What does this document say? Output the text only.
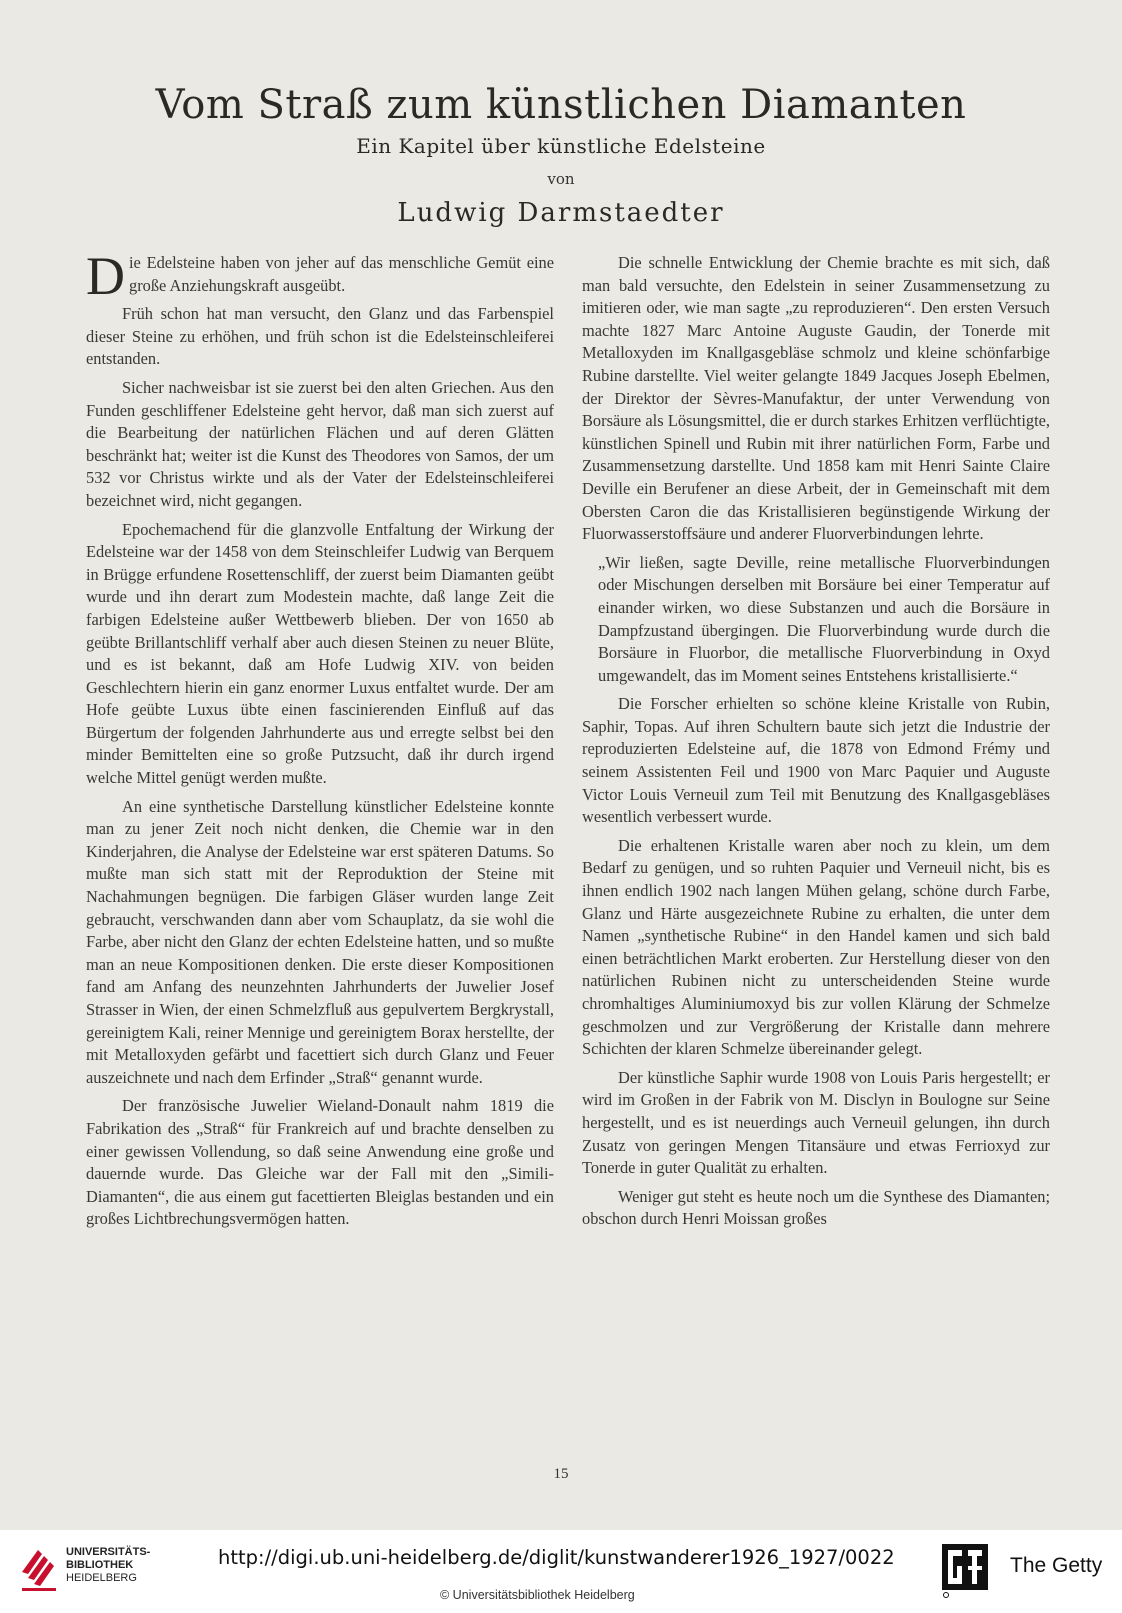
Vom Straß zum künstlichen Diamanten
Ein Kapitel über künstliche Edelsteine
von
Ludwig Darmstaedter

Die Edelsteine haben von jeher auf das menschliche Gemüt eine große Anziehungskraft ausgeübt.

Früh schon hat man versucht, den Glanz und das Farbenspiel dieser Steine zu erhöhen, und früh schon ist die Edelsteinschleiferei entstanden.

Sicher nachweisbar ist sie zuerst bei den alten Griechen. Aus den Funden geschliffener Edelsteine geht hervor, daß man sich zuerst auf die Bearbeitung der natürlichen Flächen und auf deren Glätten beschränkt hat; weiter ist die Kunst des Theodores von Samos, der um 532 vor Christus wirkte und als der Vater der Edelsteinschleiferei bezeichnet wird, nicht gegangen.

Epochemachend für die glanzvolle Entfaltung der Wirkung der Edelsteine war der 1458 von dem Steinschleifer Ludwig van Berquem in Brügge erfundene Rosettenschliff, der zuerst beim Diamanten geübt wurde und ihn derart zum Modestein machte, daß lange Zeit die farbigen Edelsteine außer Wettbewerb blieben. Der von 1650 ab geübte Brillantschliff verhalf aber auch diesen Steinen zu neuer Blüte, und es ist bekannt, daß am Hofe Ludwig XIV. von beiden Geschlechtern hierin ein ganz enormer Luxus entfaltet wurde. Der am Hofe geübte Luxus übte einen fascinierenden Einfluß auf das Bürgertum der folgenden Jahrhunderte aus und erregte selbst bei den minder Bemittelten eine so große Putzsucht, daß ihr durch irgend welche Mittel genügt werden mußte.

An eine synthetische Darstellung künstlicher Edelsteine konnte man zu jener Zeit noch nicht denken, die Chemie war in den Kinderjahren, die Analyse der Edelsteine war erst späteren Datums. So mußte man sich statt mit der Reproduktion der Steine mit Nachahmungen begnügen. Die farbigen Gläser wurden lange Zeit gebraucht, verschwanden dann aber vom Schauplatz, da sie wohl die Farbe, aber nicht den Glanz der echten Edelsteine hatten, und so mußte man an neue Kompositionen denken. Die erste dieser Kompositionen fand am Anfang des neunzehnten Jahrhunderts der Juwelier Josef Strasser in Wien, der einen Schmelzfluß aus gepulvertem Bergkrystall, gereinigtem Kali, reiner Mennige und gereinigtem Borax herstellte, der mit Metalloxyden gefärbt und facettiert sich durch Glanz und Feuer auszeichnete und nach dem Erfinder „Straß“ genannt wurde.

Der französische Juwelier Wieland-Donault nahm 1819 die Fabrikation des „Straß“ für Frankreich auf und brachte denselben zu einer gewissen Vollendung, so daß seine Anwendung eine große und dauernde wurde. Das Gleiche war der Fall mit den „Simili-Diamanten“, die aus einem gut facettierten Bleiglas bestanden und ein großes Lichtbrechungsvermögen hatten.

Die schnelle Entwicklung der Chemie brachte es mit sich, daß man bald versuchte, den Edelstein in seiner Zusammensetzung zu imitieren oder, wie man sagte „zu reproduzieren“. Den ersten Versuch machte 1827 Marc Antoine Auguste Gaudin, der Tonerde mit Metalloxyden im Knallgasgebläse schmolz und kleine schönfarbige Rubine darstellte. Viel weiter gelangte 1849 Jacques Joseph Ebelmen, der Direktor der Sèvres-Manufaktur, der unter Verwendung von Borsäure als Lösungsmittel, die er durch starkes Erhitzen verflüchtigte, künstlichen Spinell und Rubin mit ihrer natürlichen Form, Farbe und Zusammensetzung darstellte. Und 1858 kam mit Henri Sainte Claire Deville ein Berufener an diese Arbeit, der in Gemeinschaft mit dem Obersten Caron die das Kristallisieren begünstigende Wirkung der Fluorwasserstoffsäure und anderer Fluorverbindungen lehrte.

„Wir ließen, sagte Deville, reine metallische Fluorverbindungen oder Mischungen derselben mit Borsäure bei einer Temperatur auf einander wirken, wo diese Substanzen und auch die Borsäure in Dampfzustand übergingen. Die Fluorverbindung wurde durch die Borsäure in Fluorbor, die metallische Fluorverbindung in Oxyd umgewandelt, das im Moment seines Entstehens kristallisierte.“

Die Forscher erhielten so schöne kleine Kristalle von Rubin, Saphir, Topas. Auf ihren Schultern baute sich jetzt die Industrie der reproduzierten Edelsteine auf, die 1878 von Edmond Frémy und seinem Assistenten Feil und 1900 von Marc Paquier und Auguste Victor Louis Verneuil zum Teil mit Benutzung des Knallgasgebläses wesentlich verbessert wurde.

Die erhaltenen Kristalle waren aber noch zu klein, um dem Bedarf zu genügen, und so ruhten Paquier und Verneuil nicht, bis es ihnen endlich 1902 nach langen Mühen gelang, schöne durch Farbe, Glanz und Härte ausgezeichnete Rubine zu erhalten, die unter dem Namen „synthetische Rubine“ in den Handel kamen und sich bald einen beträchtlichen Markt eroberten. Zur Herstellung dieser von den natürlichen Rubinen nicht zu unterscheidenden Steine wurde chromhaltiges Aluminiumoxyd bis zur vollen Klärung der Schmelze geschmolzen und zur Vergrößerung der Kristalle dann mehrere Schichten der klaren Schmelze übereinander gelegt.

Der künstliche Saphir wurde 1908 von Louis Paris hergestellt; er wird im Großen in der Fabrik von M. Disclyn in Boulogne sur Seine hergestellt, und es ist neuerdings auch Verneuil gelungen, ihn durch Zusatz von geringen Mengen Titansäure und etwas Ferrioxyd zur Tonerde in guter Qualität zu erhalten.

Weniger gut steht es heute noch um die Synthese des Diamanten; obschon durch Henri Moissan großes

15
UNIVERSITÄTS-
BIBLIOTHEK
HEIDELBERG
http://digi.ub.uni-heidelberg.de/diglit/kunstwanderer1926_1927/0022
© Universitätsbibliothek Heidelberg
The Getty
